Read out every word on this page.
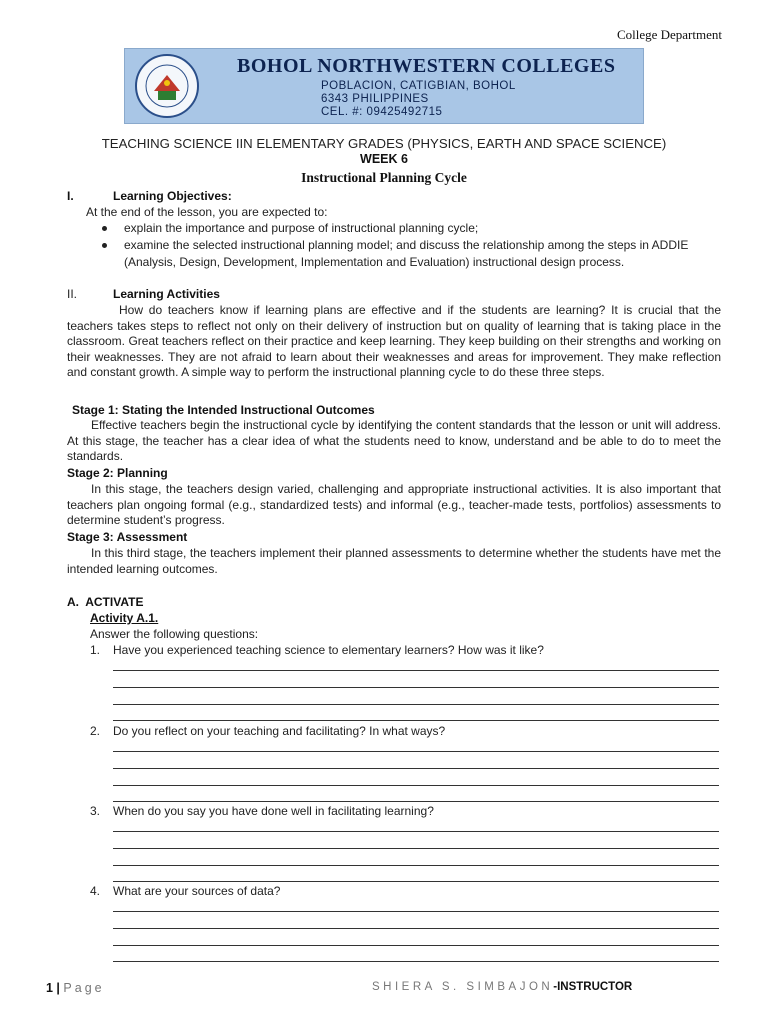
College Department
BOHOL NORTHWESTERN COLLEGES
POBLACION, CATIGBIAN, BOHOL
6343 PHILIPPINES
CEL. #: 09425492715
TEACHING SCIENCE IIN ELEMENTARY GRADES (PHYSICS, EARTH AND SPACE SCIENCE)
WEEK 6
Instructional Planning Cycle
I.	Learning Objectives:
At the end of the lesson, you are expected to:
explain the importance and purpose of instructional planning cycle;
examine the selected instructional planning model; and discuss the relationship among the steps in ADDIE
(Analysis, Design, Development, Implementation and Evaluation) instructional design process.
II.	Learning Activities
How do teachers know if learning plans are effective and if the students are learning? It is crucial that the teachers takes steps to reflect not only on their delivery of instruction but on quality of learning that is taking place in the classroom. Great teachers reflect on their practice and keep learning. They keep building on their strengths and working on their weaknesses. They are not afraid to learn about their weaknesses and areas for improvement. They make reflection and constant growth. A simple way to perform the instructional planning cycle to do these three steps.
Stage 1: Stating the Intended Instructional Outcomes
Effective teachers begin the instructional cycle by identifying the content standards that the lesson or unit will address. At this stage, the teacher has a clear idea of what the students need to know, understand and be able to do to meet the standards.
Stage 2: Planning
In this stage, the teachers design varied, challenging and appropriate instructional activities. It is also important that teachers plan ongoing formal (e.g., standardized tests) and informal (e.g., teacher-made tests, portfolios) assessments to determine student’s progress.
Stage 3: Assessment
In this third stage, the teachers implement their planned assessments to determine whether the students have met the intended learning outcomes.
A.  ACTIVATE
Activity A.1.
Answer the following questions:
1. Have you experienced teaching science to elementary learners? How was it like?
2. Do you reflect on your teaching and facilitating? In what ways?
3. When do you say you have done well in facilitating learning?
4. What are your sources of data?
1 | Page	SHIERA S. SIMBAJON-INSTRUCTOR
